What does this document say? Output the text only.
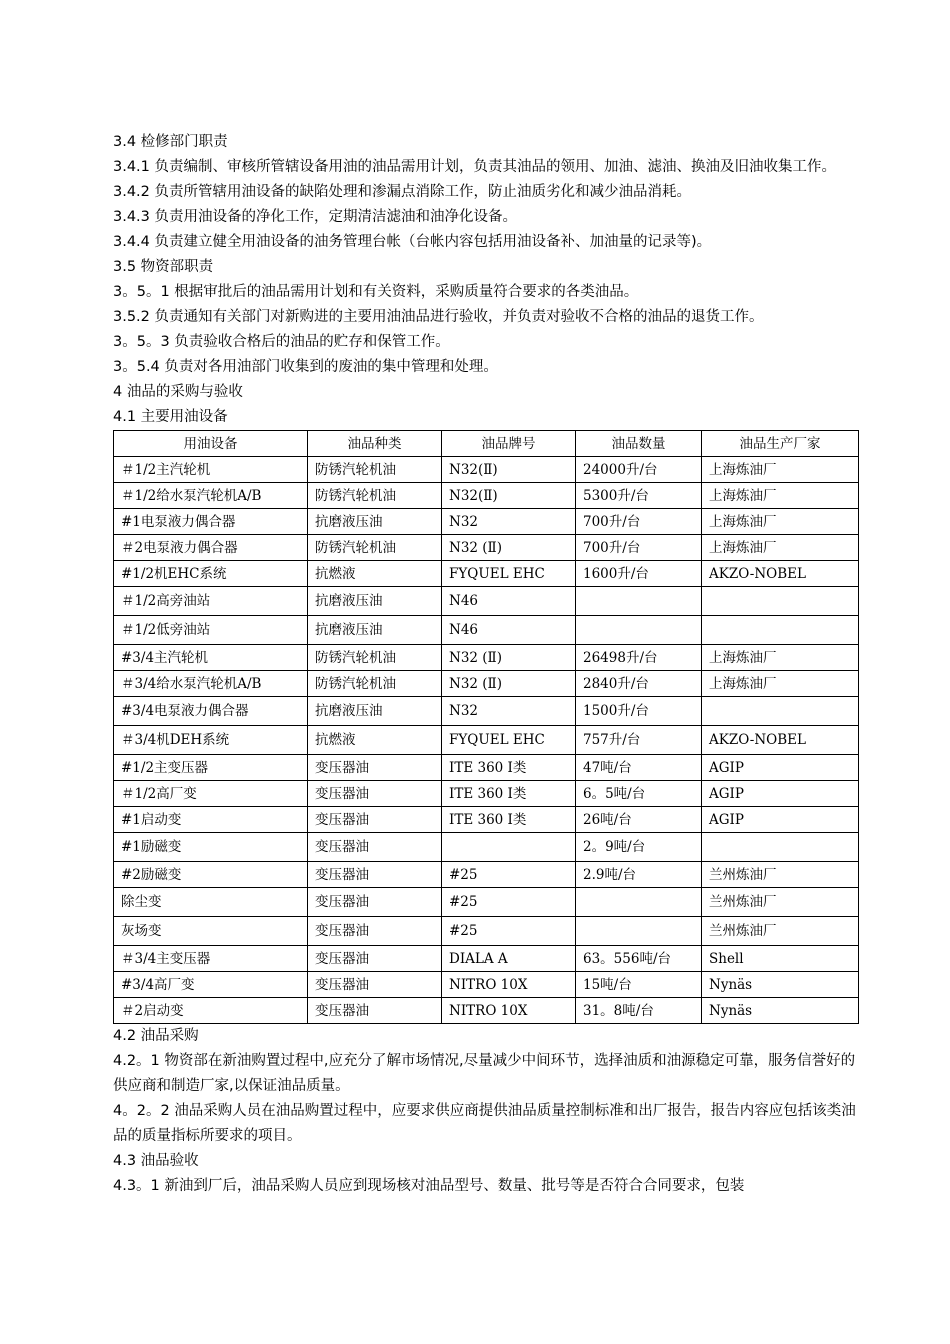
3.4 检修部门职责

3.4.1 负责编制、审核所管辖设备用油的油品需用计划，负责其油品的领用、加油、滤油、换油及旧油收集工作。

3.4.2 负责所管辖用油设备的缺陷处理和渗漏点消除工作，防止油质劣化和减少油品消耗。

3.4.3 负责用油设备的净化工作，定期清洁滤油和油净化设备。

3.4.4 负责建立健全用油设备的油务管理台帐（台帐内容包括用油设备补、加油量的记录等)。

3.5 物资部职责

3。5。1 根据审批后的油品需用计划和有关资料，采购质量符合要求的各类油品。

3.5.2 负责通知有关部门对新购进的主要用油油品进行验收，并负责对验收不合格的油品的退货工作。

3。5。3 负责验收合格后的油品的贮存和保管工作。

3。5.4 负责对各用油部门收集到的废油的集中管理和处理。

4 油品的采购与验收

4.1 主要用油设备

用油设备	油品种类	油品牌号	油品数量	油品生产厂家
＃1/2主汽轮机	防锈汽轮机油	N32(Ⅱ)	24000升/台	上海炼油厂
＃1/2给水泵汽轮机A/B	防锈汽轮机油	N32(Ⅱ)	5300升/台	上海炼油厂
#1电泵液力偶合器	抗磨液压油	N32	700升/台	上海炼油厂
＃2电泵液力偶合器	防锈汽轮机油	N32 (Ⅱ)	700升/台	上海炼油厂
#1/2机EHC系统	抗燃液	FYQUEL EHC	1600升/台	AKZO-NOBEL
＃1/2高旁油站	抗磨液压油	N46		
＃1/2低旁油站	抗磨液压油	N46		
#3/4主汽轮机	防锈汽轮机油	N32 (Ⅱ)	26498升/台	上海炼油厂
＃3/4给水泵汽轮机A/B	防锈汽轮机油	N32 (Ⅱ)	2840升/台	上海炼油厂
#3/4电泵液力偶合器	抗磨液压油	N32	1500升/台	
＃3/4机DEH系统	抗燃液	FYQUEL EHC	757升/台	AKZO-NOBEL
#1/2主变压器	变压器油	ITE 360 Ⅰ类	47吨/台	AGIP
＃1/2高厂变	变压器油	ITE 360 Ⅰ类	6。5吨/台	AGIP
#1启动变	变压器油	ITE 360 Ⅰ类	26吨/台	AGIP
#1励磁变	变压器油		2。9吨/台	
#2励磁变	变压器油	#25	2.9吨/台	兰州炼油厂
除尘变	变压器油	#25		兰州炼油厂
灰场变	变压器油	#25		兰州炼油厂
＃3/4主变压器	变压器油	DIALA A	63。556吨/台	Shell
#3/4高厂变	变压器油	NITRO 10X	15吨/台	Nynäs
＃2启动变	变压器油	NITRO 10X	31。8吨/台	Nynäs

4.2 油品采购

4.2。1 物资部在新油购置过程中,应充分了解市场情况,尽量减少中间环节，选择油质和油源稳定可靠，服务信誉好的供应商和制造厂家,以保证油品质量。

4。2。2 油品采购人员在油品购置过程中，应要求供应商提供油品质量控制标准和出厂报告，报告内容应包括该类油品的质量指标所要求的项目。

4.3 油品验收

4.3。1 新油到厂后，油品采购人员应到现场核对油品型号、数量、批号等是否符合合同要求，包装
